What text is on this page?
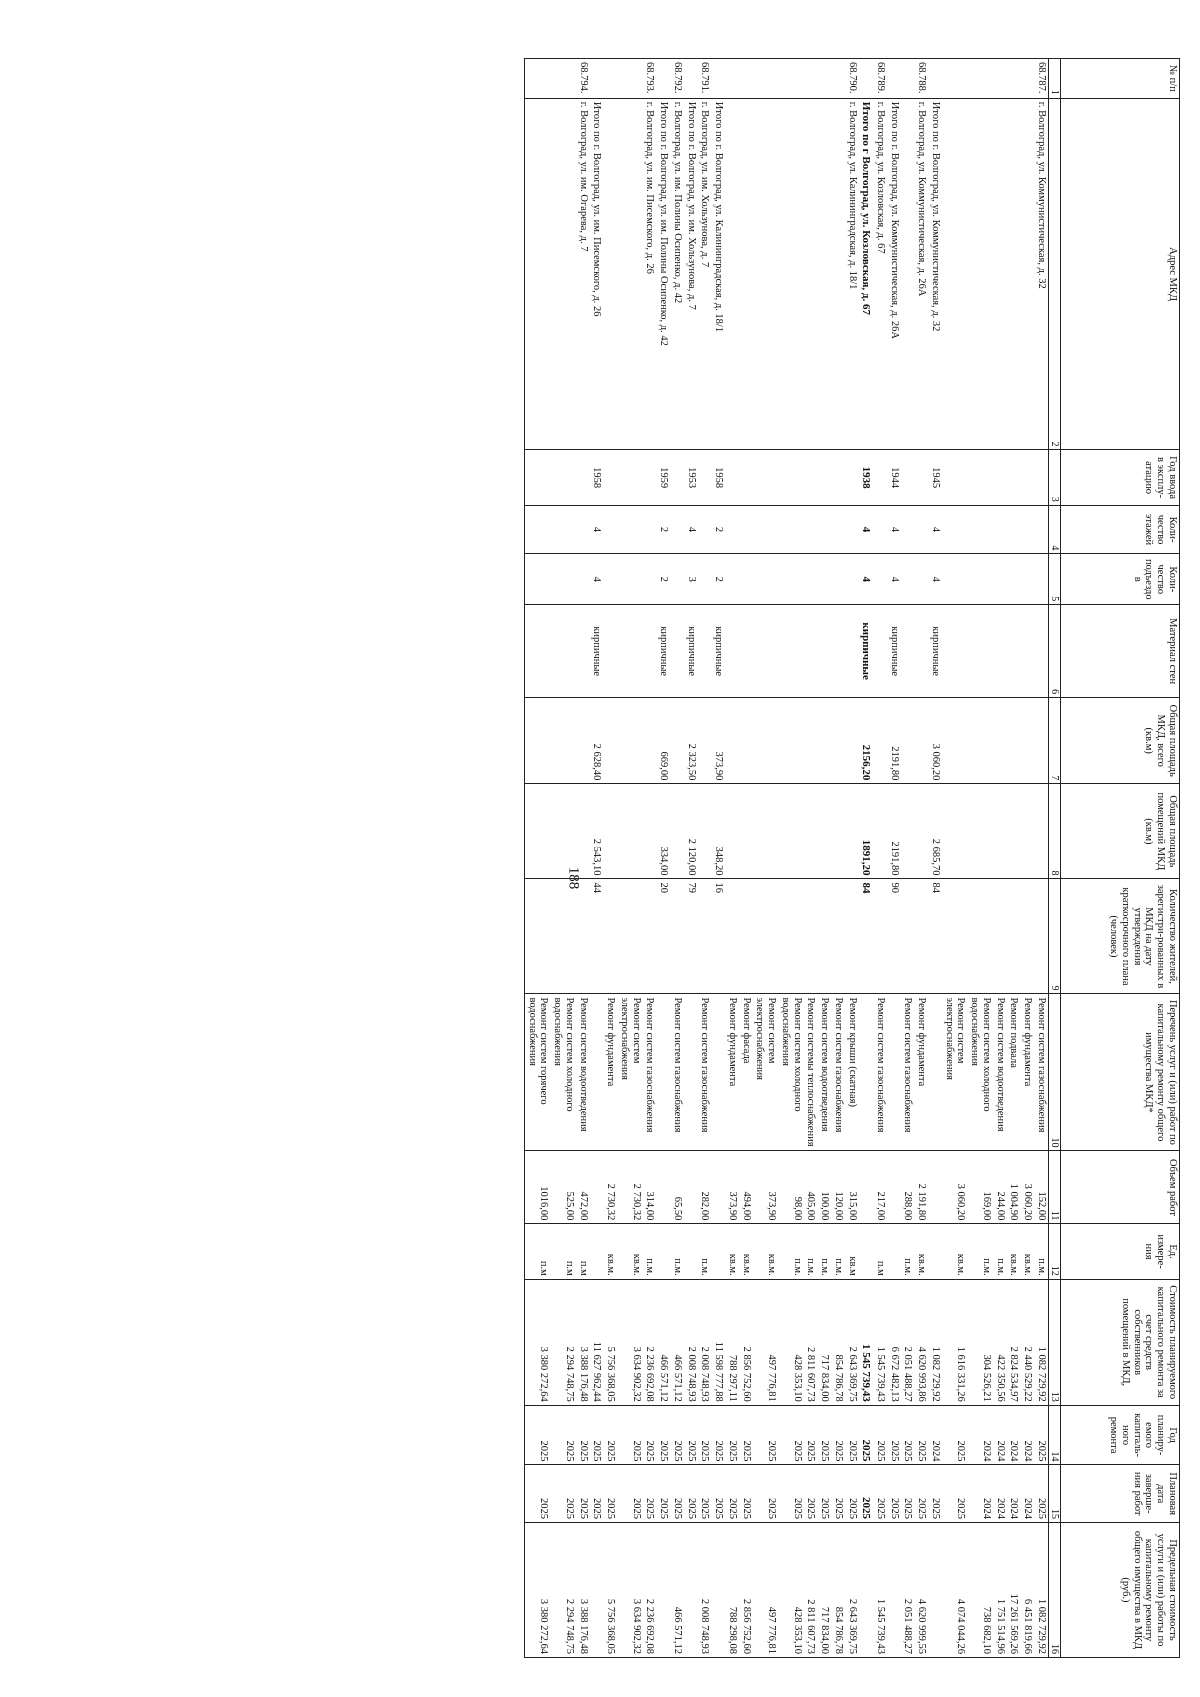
188
№ п/п	Адрес МКД	Год ввода в эксплу-атацию	Коли-чество этажей	Коли-чество подъездо в	Материал стен	Общая площадь МКД, всего (кв.м)	Общая площадь помещений МКД (кв.м)	Количество жителей, зарегистри-рованных в МКД на дату утверждения краткосрочного плана (человек)	Перечень услуг и (или) работ по капитальному ремонту общего имущества МКД*	Объем работ	Ед. измере-ния	Стоимость планируемого капитального ремонта за счет средств собственников помещений в МКД,	Год планиру-емого капиталь-ного ремонта	Плановая дата заверше-ния работ	Предельная стоимость услуги и (или) работы по капитальному ремонту общего имущества в МКД (руб.)
1	2	3	4	5	6	7	8	9	10	11	12	13	14	15	16
68.787.	г. Волгоград, ул. Коммунистическая, д. 32								Ремонт систем газоснабжения	152,00	п.м.	1 082 729,92	2025	2025	1 082 729,92
									Ремонт фундамента	3 060,20	кв.м.	2 440 529,22	2024	2024	6 451 819,66
									Ремонт подвала	1 004,90	кв.м.	2 824 534,97	2024	2024	17 261 569,26
									Ремонт систем водоотведения	244,00	п.м.	422 350,56	2024	2024	1 751 514,96
									Ремонт систем холодного водоснабжения	169,00	п.м.	304 526,21	2024	2024	738 682,10
									Ремонт систем электроснабжения	3 060,20	кв.м.	1 616 331,26	2025	2025	4 074 044,26
	Итого по г. Волгоград, ул. Коммунистическая, д. 32	1945	4	4	кирпичные	3 060,20	2 685,70	84				1 082 729,92	2024	2025	
68.788.	г. Волгоград, ул. Коммунистическая, д. 26А								Ремонт фундамента	2 191,80	кв.м.	4 620 993,86	2025	2025	4 620 999,55
									Ремонт систем газоснабжения	288,00	п.м.	2 051 488,27	2025	2025	2 051 488,27
	Итого по г. Волгоград, ул. Коммунистическая, д. 26А	1944	4	4	кирпичные	2191,80	2191,80	90				6 672 482,13	2025	2025	
68.789.	г. Волгоград, ул. Козловская, д. 67								Ремонт систем газоснабжения	217,00	п.м	1 545 739,43	2025	2025	1 545 739,43
	Итого по г Волгоград, ул. Козловская, д. 67	1938	4	4	кирпичные	2156,20	1891,20	84				1 545 739,43	2025	2025	
68.790.	г. Волгоград, ул. Калининградская, д. 18/1								Ремонт крыши (скатная)	315,00	кв.м	2 643 369,75	2025	2025	2 643 369,75
									Ремонт систем газоснабжения	120,00	п.м.	854 786,78	2025	2025	854 786,78
									Ремонт систем водоотведения	100,00	п.м.	717 834,00	2025	2025	717 834,00
									Ремонт системы теплоснабжения	405,00	п.м.	2 811 607,73	2025	2025	2 811 607,73
									Ремонт систем холодного водоснабжения	98,00	п.м.	428 353,10	2025	2025	428 353,10
									Ремонт систем электроснабжения	373,90	кв.м.	497 776,81	2025	2025	497 776,81
									Ремонт фасада	494,00	кв.м.	2 856 752,60	2025	2025	2 856 752,60
									Ремонт фундамента	373,90	кв.м.	788 297,11	2025	2025	788 298,08
	Итого по г. Волгоград, ул. Калининградская, д. 18/1	1958	2	2	кирпичные	373,90	348,20	16				11 598 777,88	2025	2025	
68.791.	г. Волгоград, ул. им. Хользунова, д. 7								Ремонт систем газоснабжения	282,00	п.м.	2 008 748,93	2025	2025	2 008 748,93
	Итого по г. Волгоград, ул. им. Хользунова, д. 7	1953	4	3	кирпичные	2 323,50	2 120,00	79				2 008 748,93	2025	2025	
68.792.	г. Волгоград, ул. им. Полины Осипенко, д. 42								Ремонт систем газоснабжения	65,50	п.м.	466 571,12	2025	2025	466 571,12
	Итого по г. Волгоград, ул. им. Полины Осипенко, д. 42	1959	2	2	кирпичные	669,00	334,00	20				466 571,12	2025	2025	
68.793.	г. Волгоград, ул. им. Писемского, д. 26								Ремонт систем газоснабжения	314,00	п.м.	2 236 692,08	2025	2025	2 236 692,08
									Ремонт систем электроснабжения	2 730,32	кв.м.	3 634 902,32	2025	2025	3 634 902,32
									Ремонт фундамента	2 730,32	кв.м.	5 756 368,05	2025	2025	5 756 368,05
	Итого по г. Волгоград, ул. им. Писемского, д. 26	1958	4	4	кирпичные	2 628,40	2 543,10	44				11 627 962,44	2025	2025	
68.794.	г. Волгоград, ул. им. Огарева, д. 7								Ремонт систем водоотведения	472,00	п.м	3 388 176,48	2025	2025	3 388 176,48
									Ремонт систем холодного водоснабжения	525,00	п.м	2 294 748,75	2025	2025	2 294 748,75
									Ремонт систем горячего водоснабжения	1016,00	п.м	3 380 272,64	2025	2025	3 380 272,64
